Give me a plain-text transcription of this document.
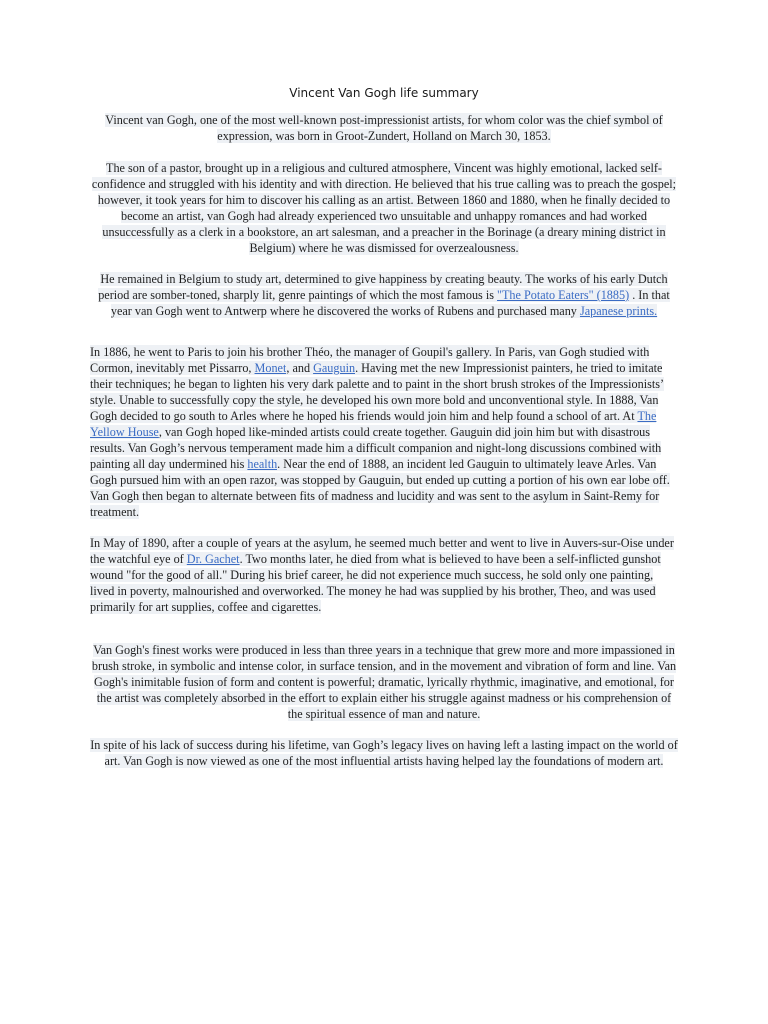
Vincent Van Gogh life summary

Vincent van Gogh, one of the most well-known post-impressionist artists, for whom color was the chief symbol of expression, was born in Groot-Zundert, Holland on March 30, 1853.

The son of a pastor, brought up in a religious and cultured atmosphere, Vincent was highly emotional, lacked self-confidence and struggled with his identity and with direction. He believed that his true calling was to preach the gospel; however, it took years for him to discover his calling as an artist. Between 1860 and 1880, when he finally decided to become an artist, van Gogh had already experienced two unsuitable and unhappy romances and had worked unsuccessfully as a clerk in a bookstore, an art salesman, and a preacher in the Borinage (a dreary mining district in Belgium) where he was dismissed for overzealousness.

He remained in Belgium to study art, determined to give happiness by creating beauty. The works of his early Dutch period are somber-toned, sharply lit, genre paintings of which the most famous is "The Potato Eaters" (1885) . In that year van Gogh went to Antwerp where he discovered the works of Rubens and purchased many Japanese prints.

In 1886, he went to Paris to join his brother Théo, the manager of Goupil's gallery. In Paris, van Gogh studied with Cormon, inevitably met Pissarro, Monet, and Gauguin. Having met the new Impressionist painters, he tried to imitate their techniques; he began to lighten his very dark palette and to paint in the short brush strokes of the Impressionists’ style. Unable to successfully copy the style, he developed his own more bold and unconventional style. In 1888, Van Gogh decided to go south to Arles where he hoped his friends would join him and help found a school of art. At The Yellow House, van Gogh hoped like-minded artists could create together. Gauguin did join him but with disastrous results. Van Gogh’s nervous temperament made him a difficult companion and night-long discussions combined with painting all day undermined his health. Near the end of 1888, an incident led Gauguin to ultimately leave Arles. Van Gogh pursued him with an open razor, was stopped by Gauguin, but ended up cutting a portion of his own ear lobe off. Van Gogh then began to alternate between fits of madness and lucidity and was sent to the asylum in Saint-Remy for treatment.

In May of 1890, after a couple of years at the asylum, he seemed much better and went to live in Auvers-sur-Oise under the watchful eye of Dr. Gachet. Two months later, he died from what is believed to have been a self-inflicted gunshot wound "for the good of all." During his brief career, he did not experience much success, he sold only one painting, lived in poverty, malnourished and overworked. The money he had was supplied by his brother, Theo, and was used primarily for art supplies, coffee and cigarettes.

Van Gogh's finest works were produced in less than three years in a technique that grew more and more impassioned in brush stroke, in symbolic and intense color, in surface tension, and in the movement and vibration of form and line. Van Gogh's inimitable fusion of form and content is powerful; dramatic, lyrically rhythmic, imaginative, and emotional, for the artist was completely absorbed in the effort to explain either his struggle against madness or his comprehension of the spiritual essence of man and nature.

In spite of his lack of success during his lifetime, van Gogh’s legacy lives on having left a lasting impact on the world of art. Van Gogh is now viewed as one of the most influential artists having helped lay the foundations of modern art.
